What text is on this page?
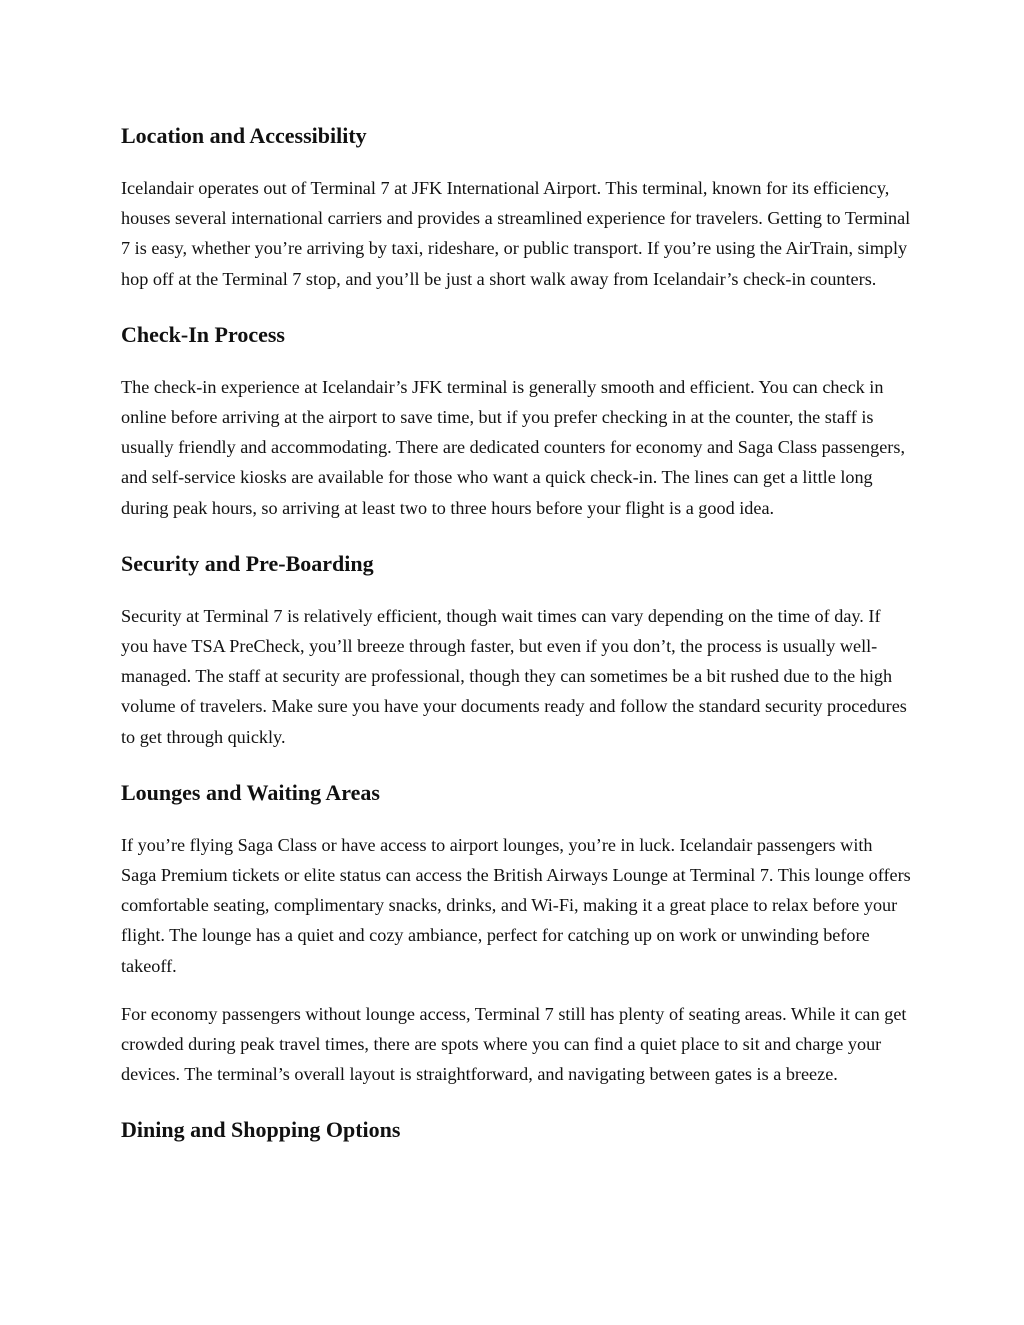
Location and Accessibility

Icelandair operates out of Terminal 7 at JFK International Airport. This terminal, known for its efficiency, houses several international carriers and provides a streamlined experience for travelers. Getting to Terminal 7 is easy, whether you’re arriving by taxi, rideshare, or public transport. If you’re using the AirTrain, simply hop off at the Terminal 7 stop, and you’ll be just a short walk away from Icelandair’s check-in counters.

Check-In Process

The check-in experience at Icelandair’s JFK terminal is generally smooth and efficient. You can check in online before arriving at the airport to save time, but if you prefer checking in at the counter, the staff is usually friendly and accommodating. There are dedicated counters for economy and Saga Class passengers, and self-service kiosks are available for those who want a quick check-in. The lines can get a little long during peak hours, so arriving at least two to three hours before your flight is a good idea.

Security and Pre-Boarding

Security at Terminal 7 is relatively efficient, though wait times can vary depending on the time of day. If you have TSA PreCheck, you’ll breeze through faster, but even if you don’t, the process is usually well-managed. The staff at security are professional, though they can sometimes be a bit rushed due to the high volume of travelers. Make sure you have your documents ready and follow the standard security procedures to get through quickly.

Lounges and Waiting Areas

If you’re flying Saga Class or have access to airport lounges, you’re in luck. Icelandair passengers with Saga Premium tickets or elite status can access the British Airways Lounge at Terminal 7. This lounge offers comfortable seating, complimentary snacks, drinks, and Wi-Fi, making it a great place to relax before your flight. The lounge has a quiet and cozy ambiance, perfect for catching up on work or unwinding before takeoff.

For economy passengers without lounge access, Terminal 7 still has plenty of seating areas. While it can get crowded during peak travel times, there are spots where you can find a quiet place to sit and charge your devices. The terminal’s overall layout is straightforward, and navigating between gates is a breeze.

Dining and Shopping Options
